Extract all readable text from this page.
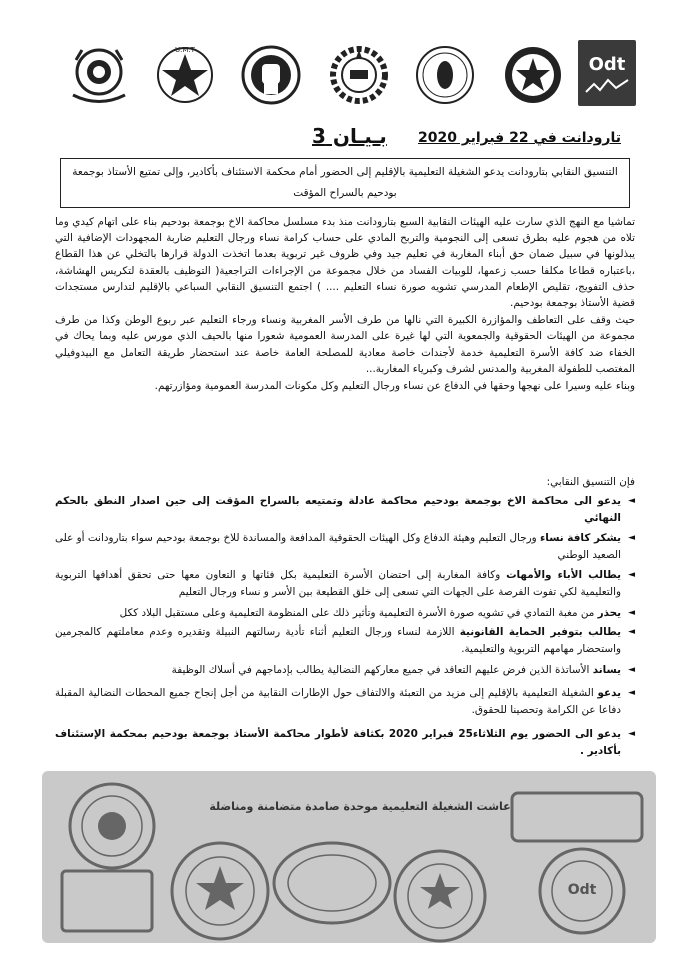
U.M.T
Odt
تارودانت في 22 فبراير 2020
بـيـان 3
التنسيق النقابي بتارودانت يدعو الشغيلة التعليمية بالإقليم إلى الحضور أمام محكمة الاستئناف بأكادير، وإلى تمتيع الأستاذ بوجمعة بودحيم بالسراح المؤقت

تماشيا مع النهج الذي سارت عليه الهيئات النقابية السبع بتارودانت منذ بدء مسلسل محاكمة الاخ بوجمعة بودحيم بناء على اتهام كيدي وما تلاه من هجوم عليه بطرق تسعى إلى النجومية والتربح المادي على حساب كرامة نساء ورجال التعليم ضاربة المجهودات الإضافية التي يبذلونها في سبيل ضمان حق أبناء المغاربة في تعليم جيد وفي ظروف غير تربوية بعدما اتخذت الدولة قرارها بالتخلي عن هذا القطاع ،باعتباره قطاعا مكلفا حسب زعمها، للوبيات الفساد من خلال مجموعة من الإجراءات التراجعية( التوظيف بالعقدة لتكريس الهشاشة، حذف التفويج، تقليص الإطعام المدرسي تشويه صورة نساء التعليم .... ) اجتمع التنسيق النقابي السباعي بالإقليم لتدارس مستجدات قضية الأستاذ بوجمعة بودحيم.

حيث وقف على التعاطف والمؤازرة الكبيرة التي نالها من طرف الأسر المغربية ونساء ورجاء التعليم عبر ربوع الوطن وكذا من طرف مجموعة من الهيئات الحقوقية والجمعوية التي لها غيرة على المدرسة العمومية شعورا منها بالحيف الذي مورس عليه وبما يحاك في الخفاء ضد كافة الأسرة التعليمية خدمة لأجندات خاصة معادية للمصلحة العامة خاصة عند استحضار طريقة التعامل مع البيدوفيلي المغتصب للطفولة المغربية والمدنس لشرف وكبرياء المغاربة...

وبناء عليه وسيرا على نهجها وحقها في الدفاع عن نساء ورجال التعليم وكل مكونات المدرسة العمومية ومؤازرتهم.

فإن التنسيق النقابي:
◄ يدعو الى محاكمة الاخ بوجمعة بودحيم محاكمة عادلة وتمتيعه بالسراح المؤقت إلى حين اصدار النطق بالحكم النهائي
◄ يشكر كافة نساء ورجال التعليم وهيئة الدفاع وكل الهيئات الحقوقية المدافعة والمساندة للاخ بوجمعة بودحيم سواء بتارودانت أو على الصعيد الوطني
◄ يطالب الأباء والأمهات وكافة المغاربة إلى احتضان الأسرة التعليمية بكل فئاتها و التعاون معها حتى تحقق أهدافها التربوية والتعليمية لكي تفوت الفرصة على الجهات التي تسعى إلى خلق القطيعة بين الأسر و نساء ورجال التعليم
◄ يحذر من مغبة التمادي في تشويه صورة الأسرة التعليمية وتأثير ذلك على المنظومة التعليمية وعلى مستقبل البلاد ككل
◄ يطالب بتوفير الحماية القانونية اللازمة لنساء ورجال التعليم أثناء تأدية رسالتهم النبيلة وتقديره وعدم معاملتهم كالمجرمين واستحضار مهامهم التربوية والتعليمية.
◄ يساند الأساتذة الذين فرض عليهم التعاقد في جميع معاركهم النضالية يطالب بإدماجهم في أسلاك الوظيفة
◄ يدعو الشغيلة التعليمية بالإقليم إلى مزيد من التعبئة والالتفاف حول الإطارات النقابية من أجل إنجاح جميع المحطات النضالية المقبلة دفاعا عن الكرامة وتحصينا للحقوق.
◄ يدعو الى الحضور يوم الثلاثاء25 فبراير 2020 بكثافة لأطوار محاكمة الأستاذ بوجمعة بودحيم بمحكمة الإستئناف بأكادير .
Odt
عاشت الشغيلة التعليمية موحدة صامدة متضامنة ومناضلة
